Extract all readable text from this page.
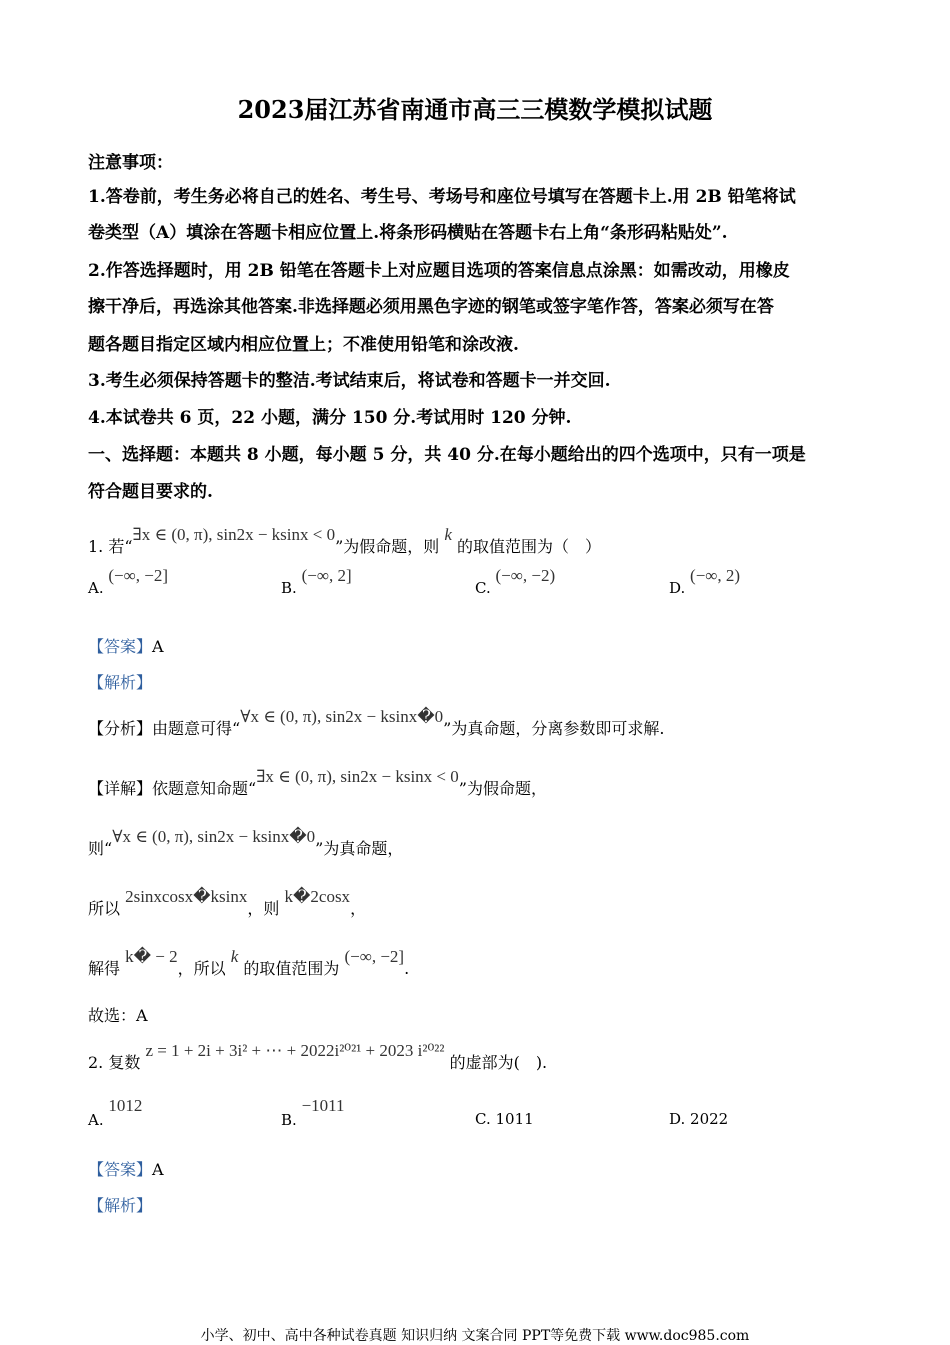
2023届江苏省南通市高三三模数学模拟试题
注意事项：
1.答卷前，考生务必将自己的姓名、考生号、考场号和座位号填写在答题卡上.用 2B 铅笔将试
卷类型（A）填涂在答题卡相应位置上.将条形码横贴在答题卡右上角“条形码粘贴处”.
2.作答选择题时，用 2B 铅笔在答题卡上对应题目选项的答案信息点涂黑：如需改动，用橡皮
擦干净后，再选涂其他答案.非选择题必须用黑色字迹的钢笔或签字笔作答，答案必须写在答
题各题目指定区域内相应位置上；不准使用铅笔和涂改液.
3.考生必须保持答题卡的整洁.考试结束后，将试卷和答题卡一并交回.
4.本试卷共 6 页，22 小题，满分 150 分.考试用时 120 分钟.
一、选择题：本题共 8 小题，每小题 5 分，共 40 分.在每小题给出的四个选项中，只有一项是
符合题目要求的.
1. 若“∃x ∈ (0, π), sin2x − ksinx < 0”为假命题，则 k 的取值范围为（　）
A. (−∞, −2]
B. (−∞, 2]
C. (−∞, −2)
D. (−∞, 2)
【答案】A
【解析】
【分析】由题意可得“∀x ∈ (0, π), sin2x − ksinx�0”为真命题，分离参数即可求解.
【详解】依题意知命题“∃x ∈ (0, π), sin2x − ksinx < 0”为假命题，
则“∀x ∈ (0, π), sin2x − ksinx�0”为真命题，
所以 2sinxcosx�ksinx，则 k�2cosx，
解得 k� − 2，所以 k 的取值范围为 (−∞, −2].
故选：A
2. 复数 z = 1 + 2i + 3i² + ⋯ + 2022i²⁰²¹ + 2023 i²⁰²² 的虚部为(　).
A. 1012
B. −1011
C. 1011	D. 2022
【答案】A
【解析】
小学、初中、高中各种试卷真题 知识归纳 文案合同 PPT等免费下载 www.doc985.com
